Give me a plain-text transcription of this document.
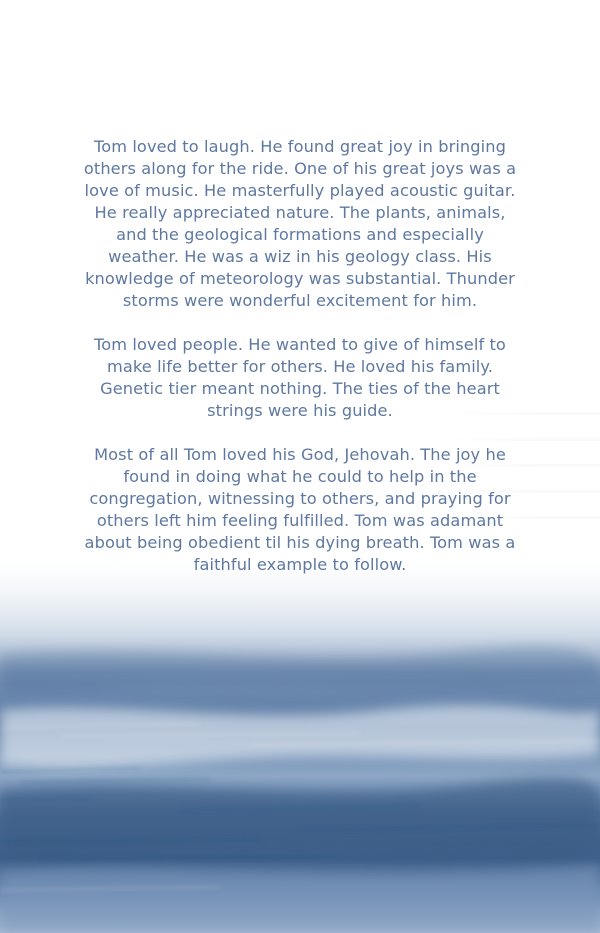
Tom loved to laugh. He found great joy in bringing
others along for the ride. One of his great joys was a
love of music. He masterfully played acoustic guitar.
He really appreciated nature. The plants, animals,
and the geological formations and especially
weather. He was a wiz in his geology class. His
knowledge of meteorology was substantial. Thunder
storms were wonderful excitement for him.

Tom loved people. He wanted to give of himself to
make life better for others. He loved his family.
Genetic tier meant nothing. The ties of the heart
strings were his guide.

Most of all Tom loved his God, Jehovah. The joy he
found in doing what he could to help in the
congregation, witnessing to others, and praying for
others left him feeling fulfilled. Tom was adamant
about being obedient til his dying breath. Tom was a
faithful example to follow.
